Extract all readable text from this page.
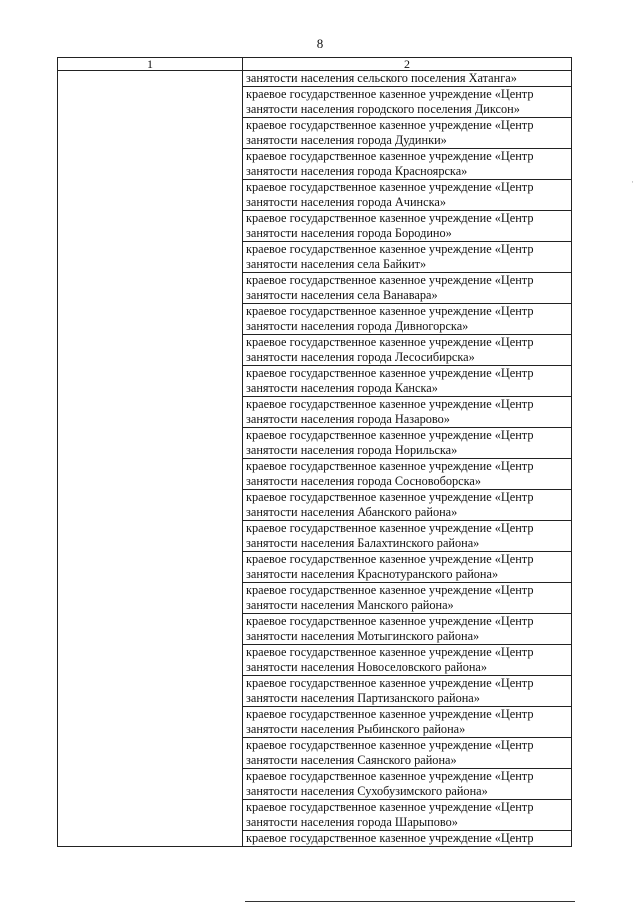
8
1	2
	занятости населения сельского поселения Хатанга»
	краевое государственное казенное учреждение «Центр занятости населения городского поселения Диксон»
	краевое государственное казенное учреждение «Центр занятости населения города Дудинки»
	краевое государственное казенное учреждение «Центр занятости населения города Красноярска»
	краевое государственное казенное учреждение «Центр занятости населения города Ачинска»
	краевое государственное казенное учреждение «Центр занятости населения города Бородино»
	краевое государственное казенное учреждение «Центр занятости населения села Байкит»
	краевое государственное казенное учреждение «Центр занятости населения села Ванавара»
	краевое государственное казенное учреждение «Центр занятости населения города Дивногорска»
	краевое государственное казенное учреждение «Центр занятости населения города Лесосибирска»
	краевое государственное казенное учреждение «Центр занятости населения города Канска»
	краевое государственное казенное учреждение «Центр занятости населения города Назарово»
	краевое государственное казенное учреждение «Центр занятости населения города Норильска»
	краевое государственное казенное учреждение «Центр занятости населения города Сосновоборска»
	краевое государственное казенное учреждение «Центр занятости населения Абанского района»
	краевое государственное казенное учреждение «Центр занятости населения Балахтинского района»
	краевое государственное казенное учреждение «Центр занятости населения Краснотуранского района»
	краевое государственное казенное учреждение «Центр занятости населения Манского района»
	краевое государственное казенное учреждение «Центр занятости населения Мотыгинского района»
	краевое государственное казенное учреждение «Центр занятости населения Новоселовского района»
	краевое государственное казенное учреждение «Центр занятости населения Партизанского района»
	краевое государственное казенное учреждение «Центр занятости населения Рыбинского района»
	краевое государственное казенное учреждение «Центр занятости населения Саянского района»
	краевое государственное казенное учреждение «Центр занятости населения Сухобузимского района»
	краевое государственное казенное учреждение «Центр занятости населения города Шарыпово»
	краевое государственное казенное учреждение «Центр
·
